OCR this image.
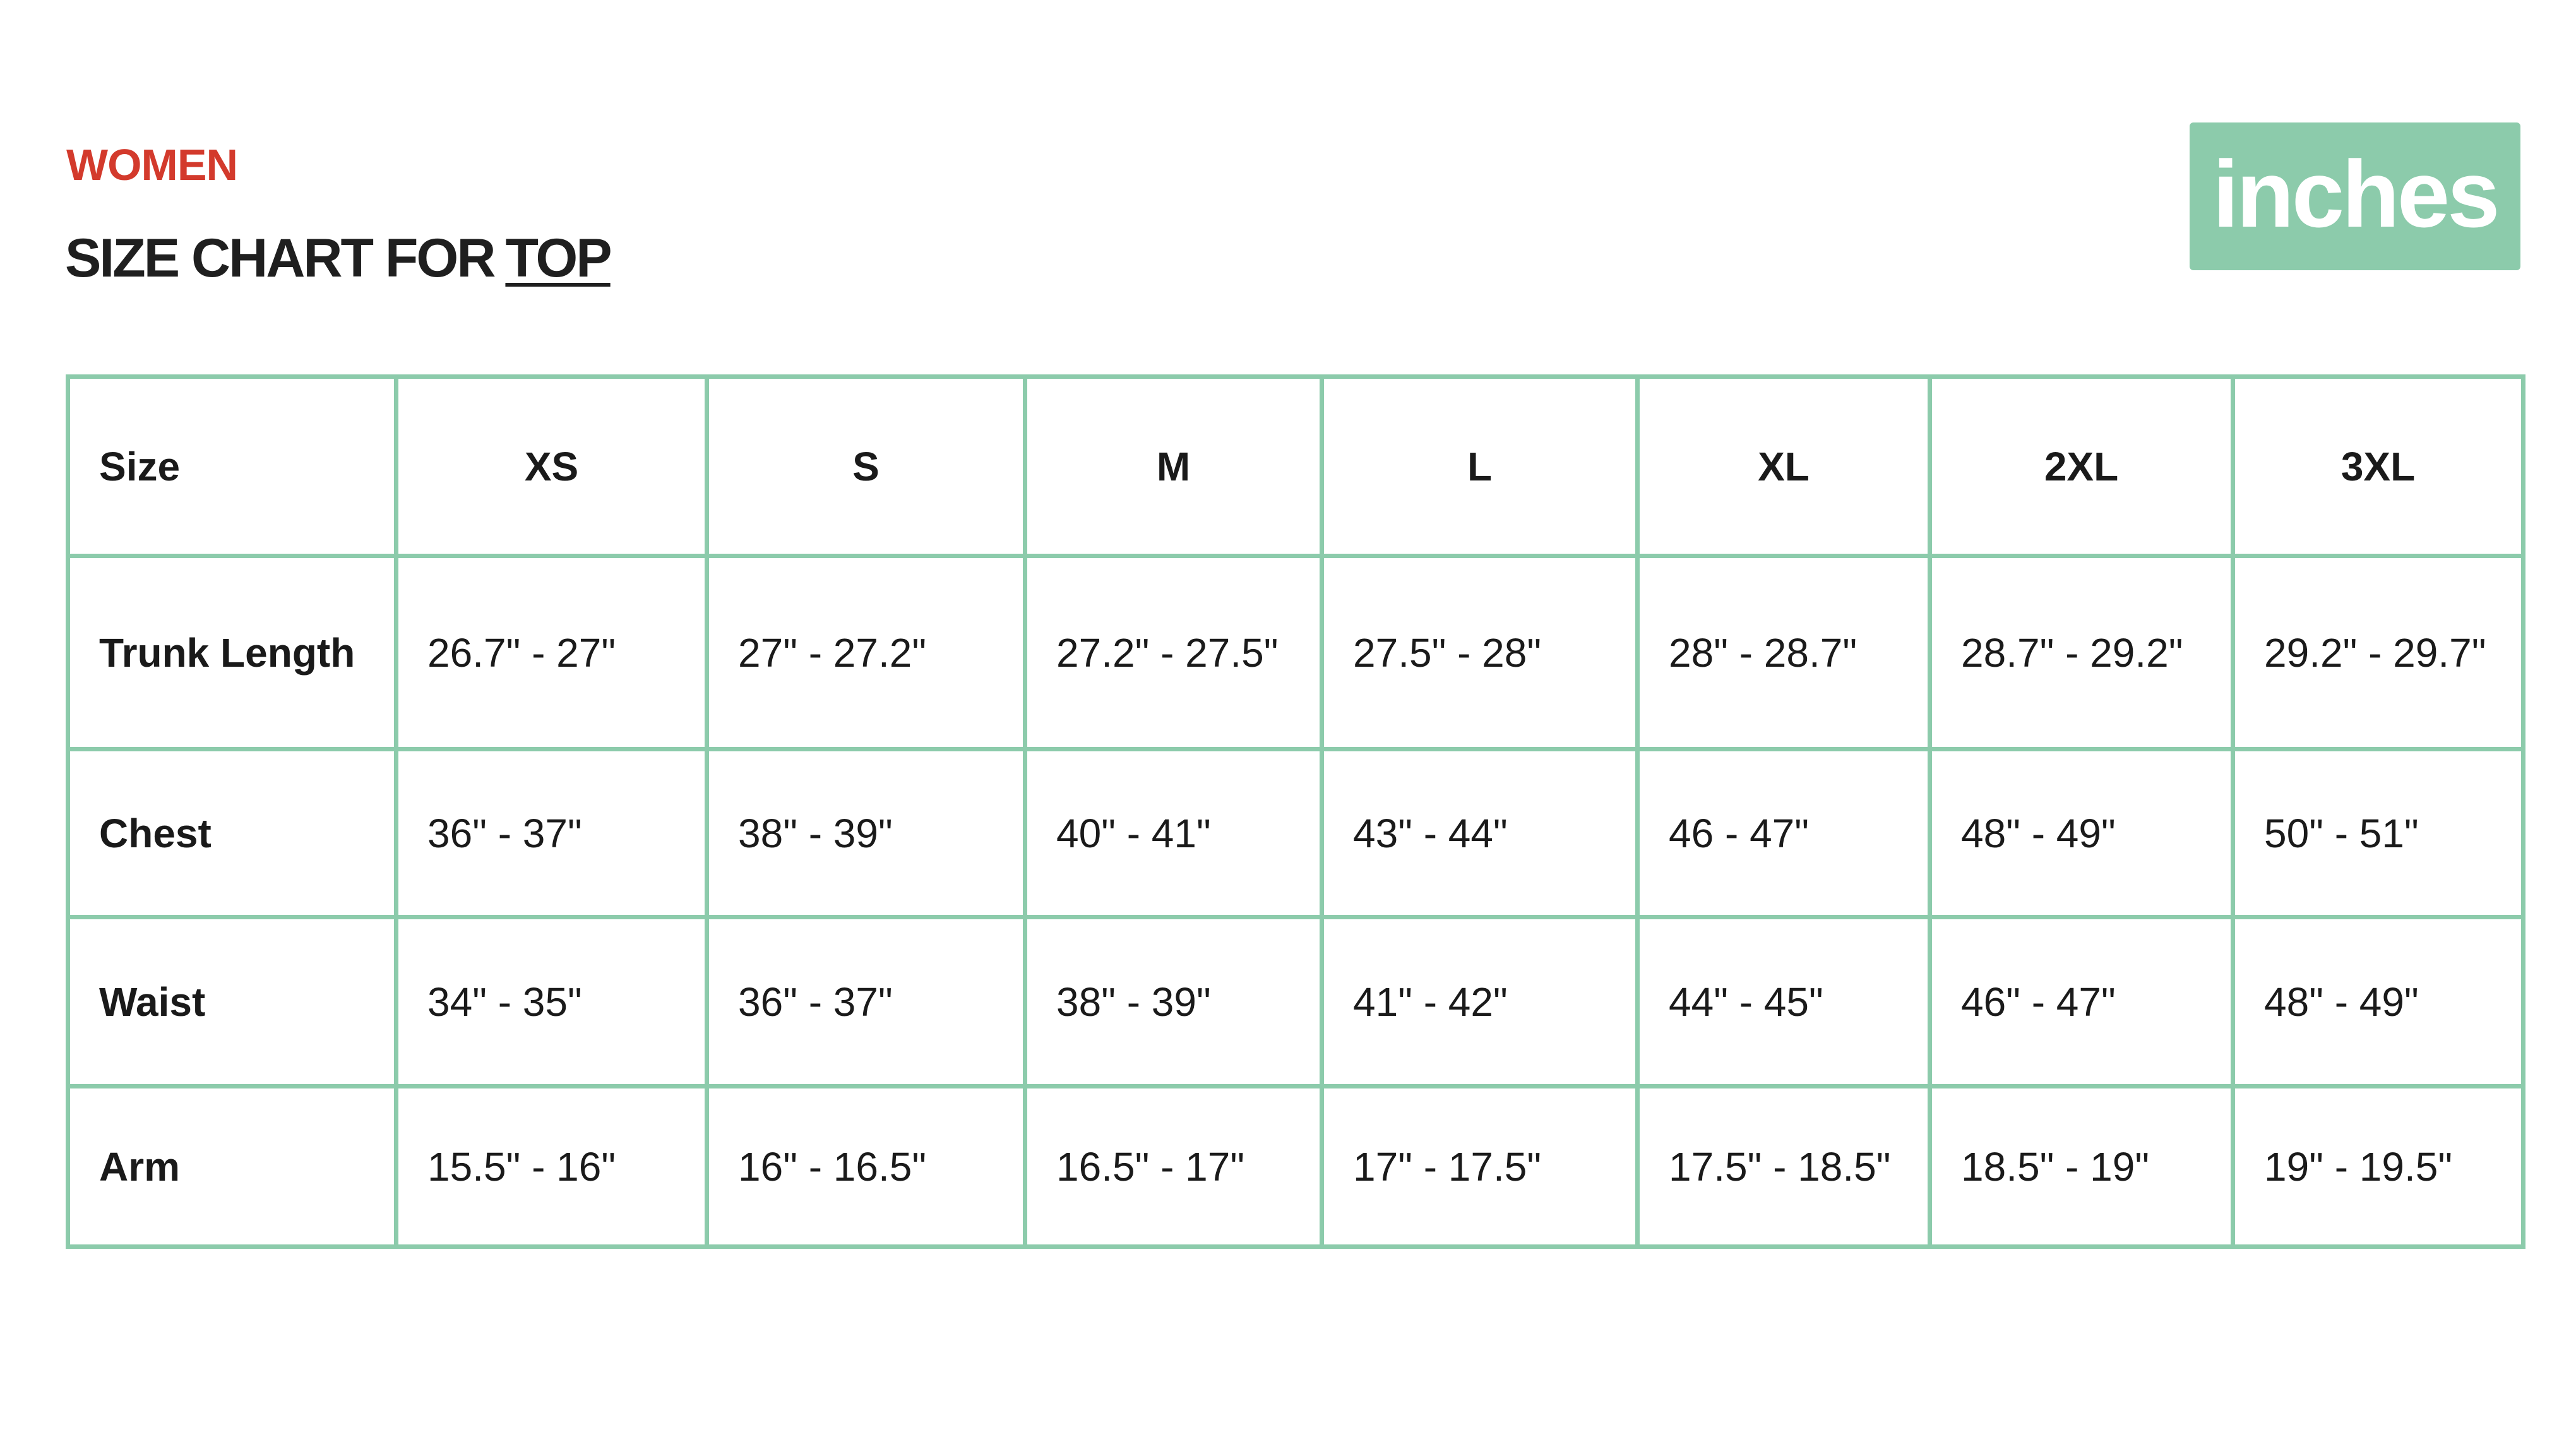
WOMEN
SIZE CHART FOR TOP
inches
Size	XS	S	M	L	XL	2XL	3XL
Trunk Length	26.7" - 27"	27" - 27.2"	27.2" - 27.5"	27.5" - 28"	28" - 28.7"	28.7" - 29.2"	29.2" - 29.7"
Chest	36" - 37"	38" - 39"	40" - 41"	43" - 44"	46 - 47"	48" - 49"	50" - 51"
Waist	34" - 35"	36" - 37"	38" - 39"	41" - 42"	44" - 45"	46" - 47"	48" - 49"
Arm	15.5" - 16"	16" - 16.5"	16.5" - 17"	17" - 17.5"	17.5" - 18.5"	18.5" - 19"	19" - 19.5"
